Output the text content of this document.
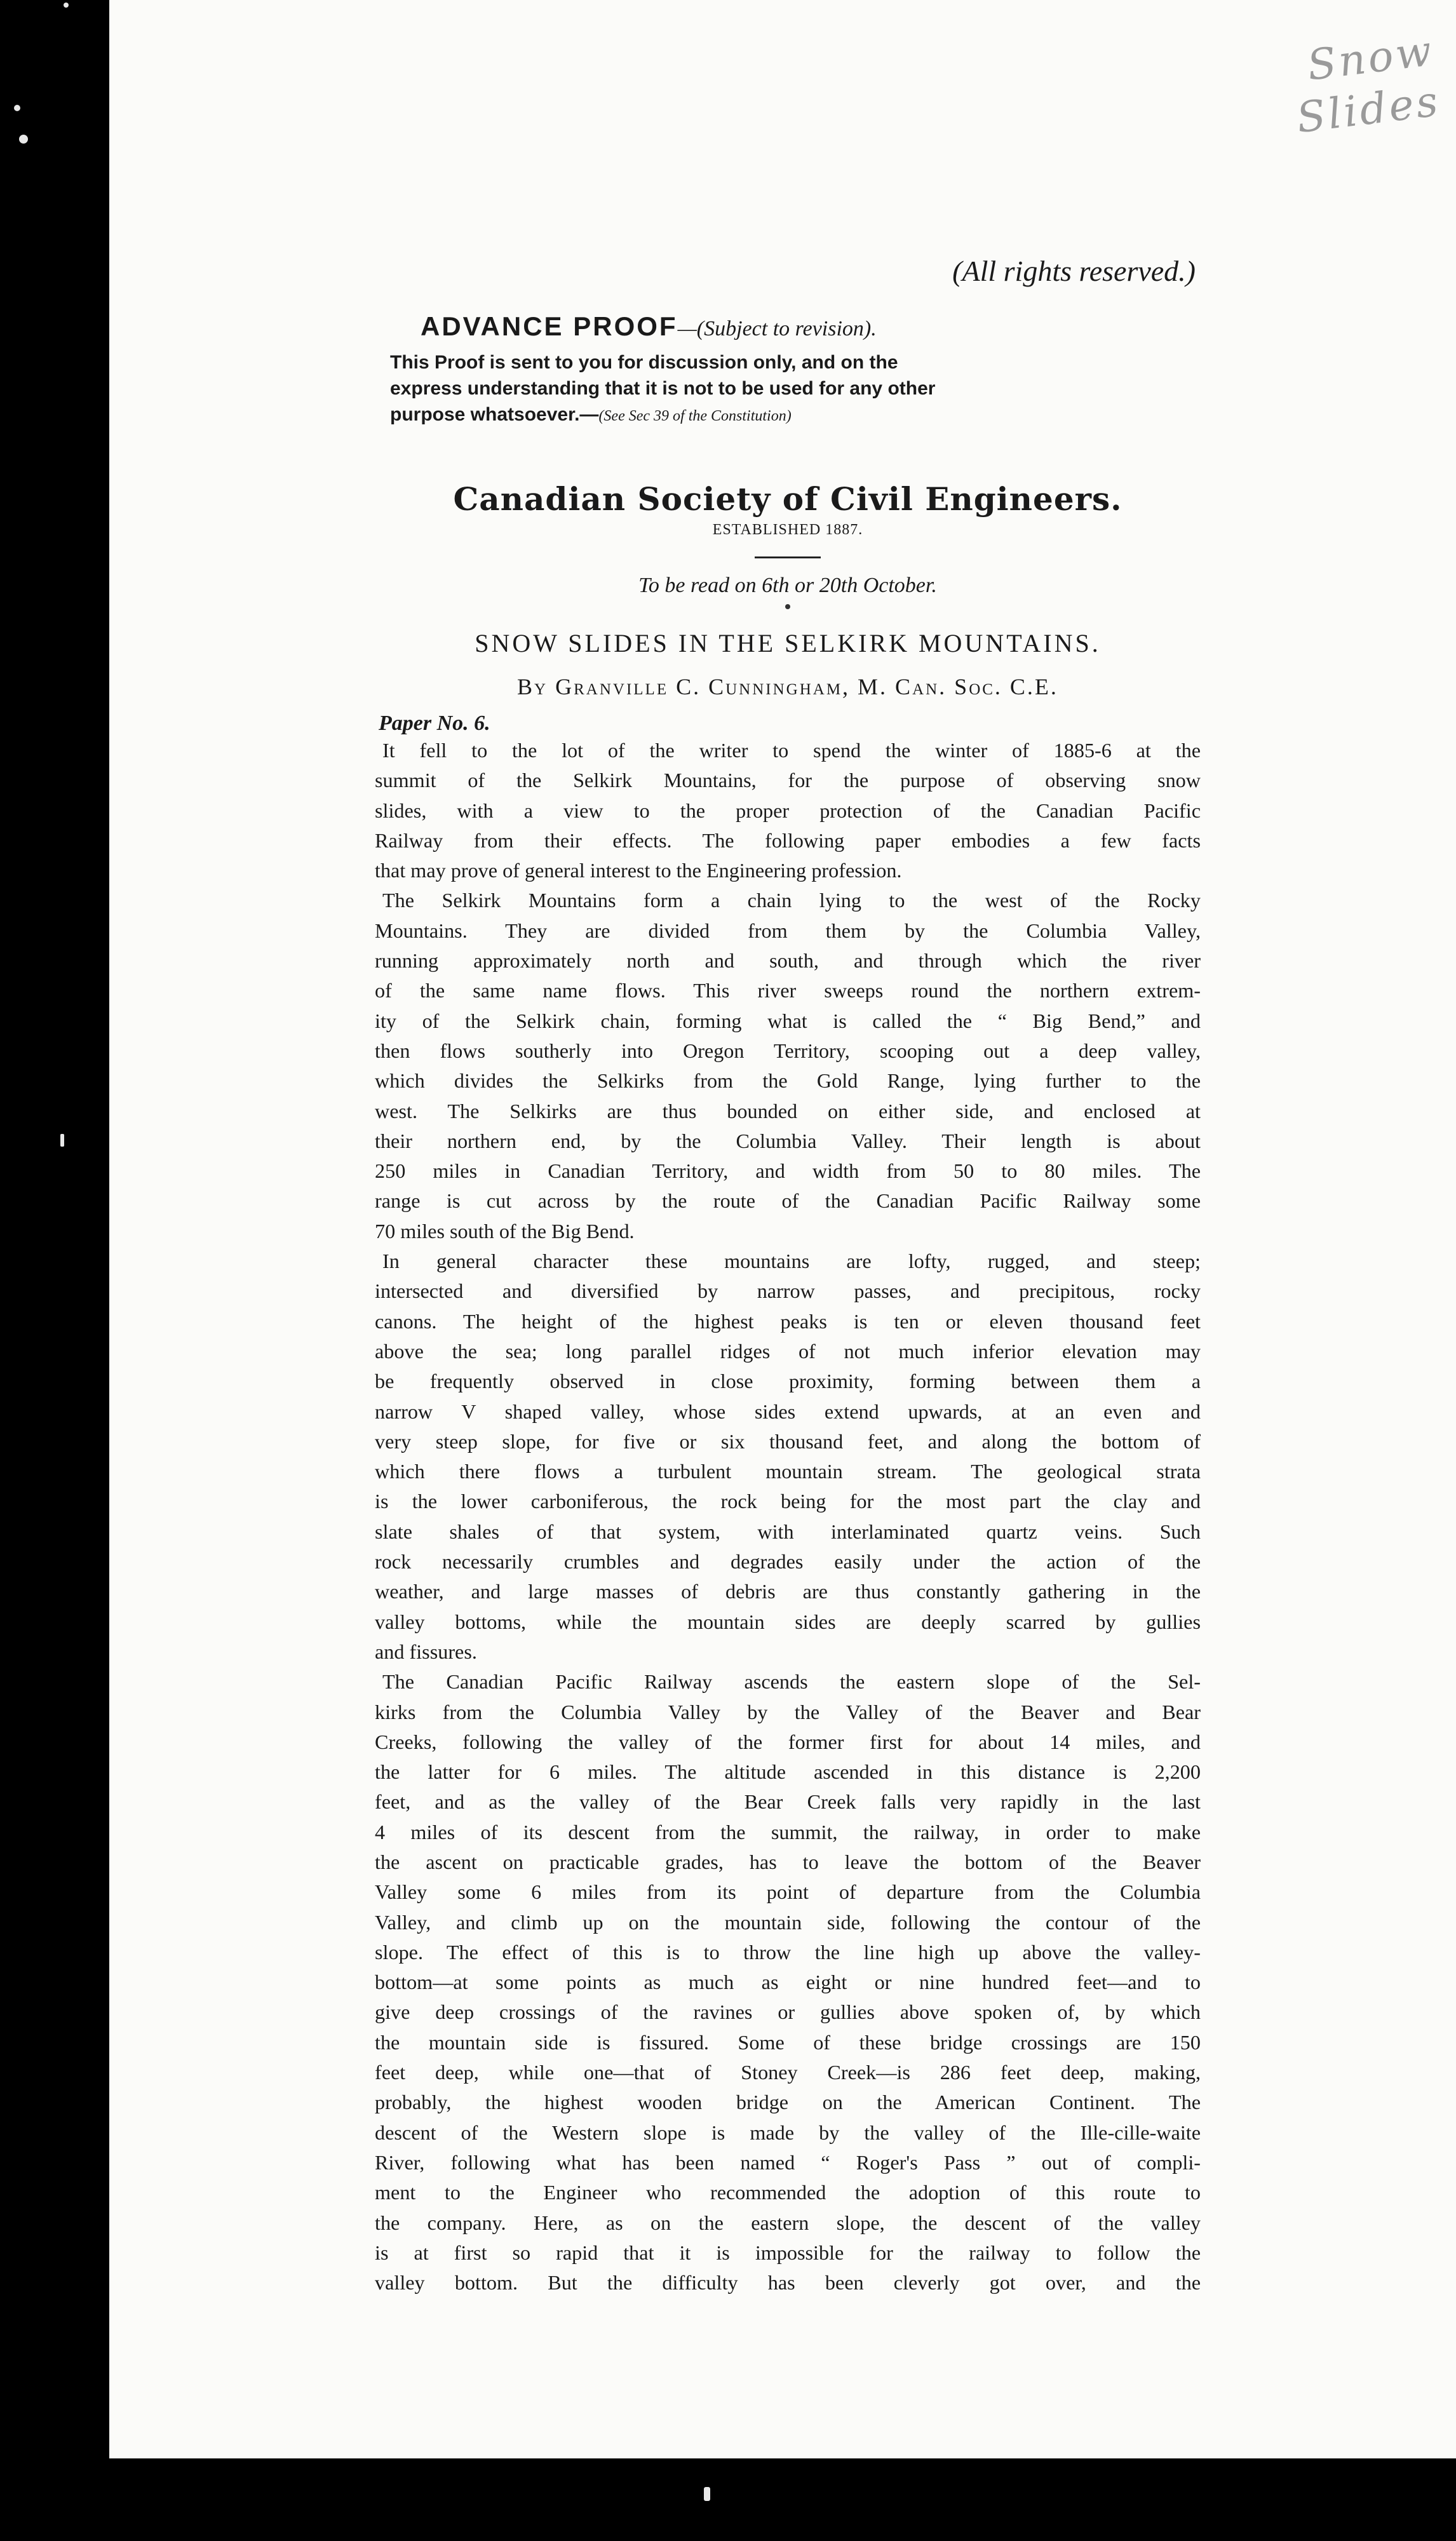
Snow
Slides
(All rights reserved.)
ADVANCE PROOF—(Subject to revision).
This Proof is sent to you for discussion only, and on the
express understanding that it is not to be used for any other
purpose whatsoever.—(See Sec 39 of the Constitution)
Canadian Society of Civil Engineers.
ESTABLISHED 1887.
To be read on 6th or 20th October.
SNOW SLIDES IN THE SELKIRK MOUNTAINS.
By Granville C. Cunningham, M. Can. Soc. C.E.
Paper No. 6.
It fell to the lot of the writer to spend the winter of 1885-6 at the
summit of the Selkirk Mountains, for the purpose of observing snow
slides, with a view to the proper protection of the Canadian Pacific
Railway from their effects. The following paper embodies a few facts
that may prove of general interest to the Engineering profession.
The Selkirk Mountains form a chain lying to the west of the Rocky
Mountains. They are divided from them by the Columbia Valley,
running approximately north and south, and through which the river
of the same name flows. This river sweeps round the northern extrem-
ity of the Selkirk chain, forming what is called the “ Big Bend,” and
then flows southerly into Oregon Territory, scooping out a deep valley,
which divides the Selkirks from the Gold Range, lying further to the
west. The Selkirks are thus bounded on either side, and enclosed at
their northern end, by the Columbia Valley. Their length is about
250 miles in Canadian Territory, and width from 50 to 80 miles. The
range is cut across by the route of the Canadian Pacific Railway some
70 miles south of the Big Bend.
In general character these mountains are lofty, rugged, and steep;
intersected and diversified by narrow passes, and precipitous, rocky
canons. The height of the highest peaks is ten or eleven thousand feet
above the sea; long parallel ridges of not much inferior elevation may
be frequently observed in close proximity, forming between them a
narrow V shaped valley, whose sides extend upwards, at an even and
very steep slope, for five or six thousand feet, and along the bottom of
which there flows a turbulent mountain stream. The geological strata
is the lower carboniferous, the rock being for the most part the clay and
slate shales of that system, with interlaminated quartz veins. Such
rock necessarily crumbles and degrades easily under the action of the
weather, and large masses of debris are thus constantly gathering in the
valley bottoms, while the mountain sides are deeply scarred by gullies
and fissures.
The Canadian Pacific Railway ascends the eastern slope of the Sel-
kirks from the Columbia Valley by the Valley of the Beaver and Bear
Creeks, following the valley of the former first for about 14 miles, and
the latter for 6 miles. The altitude ascended in this distance is 2,200
feet, and as the valley of the Bear Creek falls very rapidly in the last
4 miles of its descent from the summit, the railway, in order to make
the ascent on practicable grades, has to leave the bottom of the Beaver
Valley some 6 miles from its point of departure from the Columbia
Valley, and climb up on the mountain side, following the contour of the
slope. The effect of this is to throw the line high up above the valley-
bottom—at some points as much as eight or nine hundred feet—and to
give deep crossings of the ravines or gullies above spoken of, by which
the mountain side is fissured. Some of these bridge crossings are 150
feet deep, while one—that of Stoney Creek—is 286 feet deep, making,
probably, the highest wooden bridge on the American Continent. The
descent of the Western slope is made by the valley of the Ille-cille-waite
River, following what has been named “ Roger's Pass ” out of compli-
ment to the Engineer who recommended the adoption of this route to
the company. Here, as on the eastern slope, the descent of the valley
is at first so rapid that it is impossible for the railway to follow the
valley bottom. But the difficulty has been cleverly got over, and the
